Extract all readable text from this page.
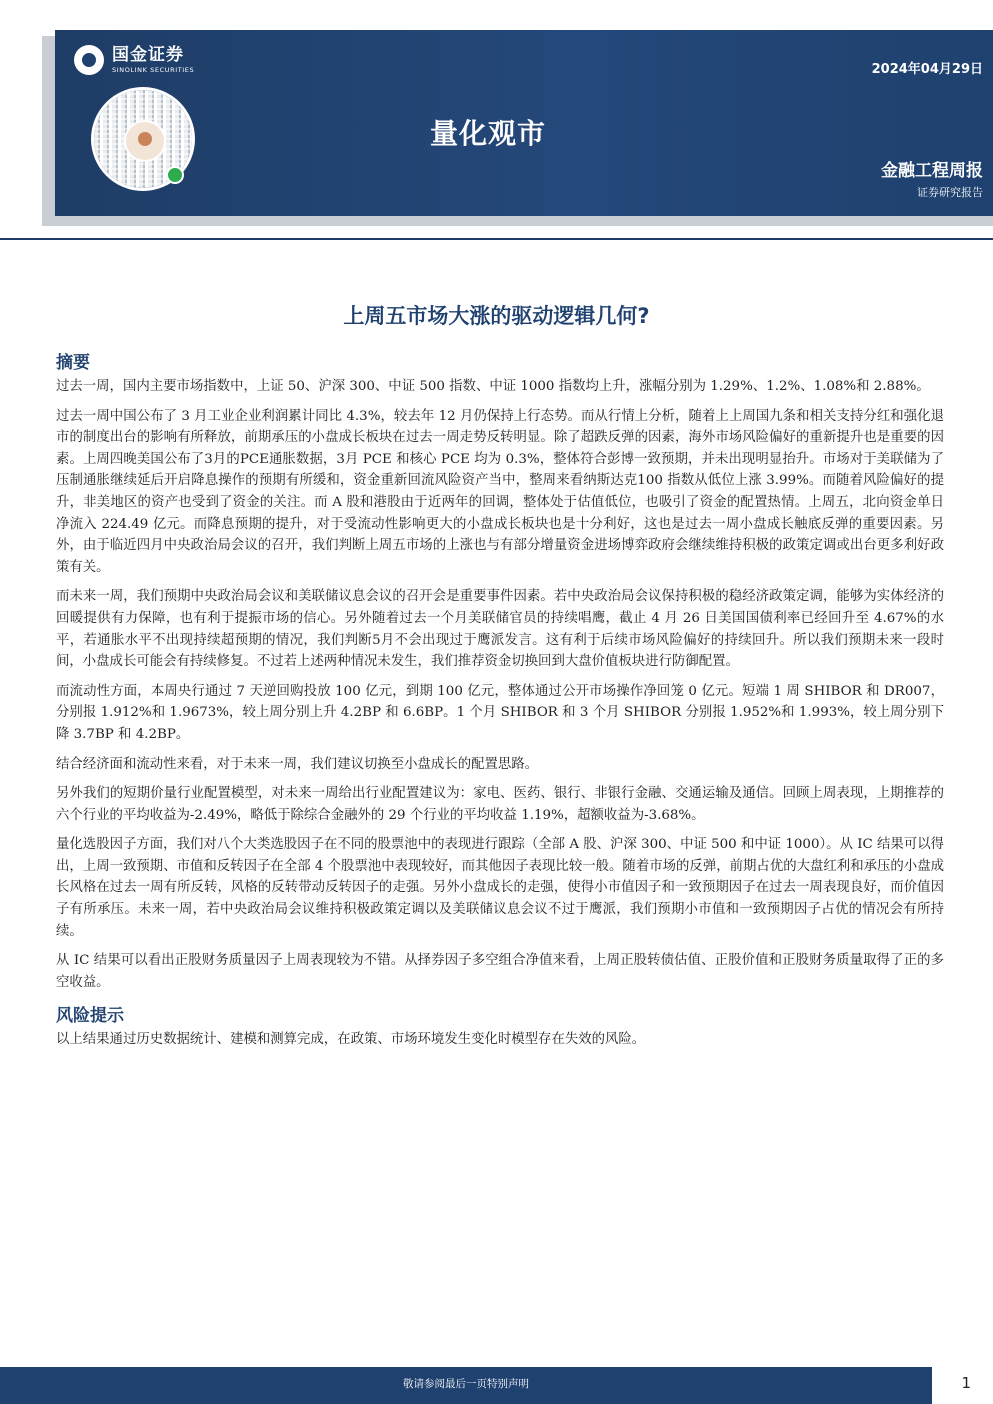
国金证券
SINOLINK SECURITIES	2024年04月29日
量化观市
金融工程周报
证券研究报告
上周五市场大涨的驱动逻辑几何?
摘要

过去一周，国内主要市场指数中，上证 50、沪深 300、中证 500 指数、中证 1000 指数均上升，涨幅分别为 1.29%、1.2%、1.08%和 2.88%。

过去一周中国公布了 3 月工业企业利润累计同比 4.3%，较去年 12 月仍保持上行态势。而从行情上分析，随着上上周国九条和相关支持分红和强化退市的制度出台的影响有所释放，前期承压的小盘成长板块在过去一周走势反转明显。除了超跌反弹的因素，海外市场风险偏好的重新提升也是重要的因素。上周四晚美国公布了3月的PCE通胀数据，3月 PCE 和核心 PCE 均为 0.3%，整体符合彭博一致预期，并未出现明显抬升。市场对于美联储为了压制通胀继续延后开启降息操作的预期有所缓和，资金重新回流风险资产当中，整周来看纳斯达克100 指数从低位上涨 3.99%。而随着风险偏好的提升，非美地区的资产也受到了资金的关注。而 A 股和港股由于近两年的回调，整体处于估值低位，也吸引了资金的配置热情。上周五，北向资金单日净流入 224.49 亿元。而降息预期的提升，对于受流动性影响更大的小盘成长板块也是十分利好，这也是过去一周小盘成长触底反弹的重要因素。另外，由于临近四月中央政治局会议的召开，我们判断上周五市场的上涨也与有部分增量资金进场博弈政府会继续维持积极的政策定调或出台更多利好政策有关。

而未来一周，我们预期中央政治局会议和美联储议息会议的召开会是重要事件因素。若中央政治局会议保持积极的稳经济政策定调，能够为实体经济的回暖提供有力保障，也有利于提振市场的信心。另外随着过去一个月美联储官员的持续唱鹰，截止 4 月 26 日美国国债利率已经回升至 4.67%的水平，若通胀水平不出现持续超预期的情况，我们判断5月不会出现过于鹰派发言。这有利于后续市场风险偏好的持续回升。所以我们预期未来一段时间，小盘成长可能会有持续修复。不过若上述两种情况未发生，我们推荐资金切换回到大盘价值板块进行防御配置。

而流动性方面，本周央行通过 7 天逆回购投放 100 亿元，到期 100 亿元，整体通过公开市场操作净回笼 0 亿元。短端 1 周 SHIBOR 和 DR007，分别报 1.912%和 1.9673%，较上周分别上升 4.2BP 和 6.6BP。1 个月 SHIBOR 和 3 个月 SHIBOR 分别报 1.952%和 1.993%，较上周分别下降 3.7BP 和 4.2BP。

结合经济面和流动性来看，对于未来一周，我们建议切换至小盘成长的配置思路。

另外我们的短期价量行业配置模型，对未来一周给出行业配置建议为：家电、医药、银行、非银行金融、交通运输及通信。回顾上周表现，上期推荐的六个行业的平均收益为-2.49%，略低于除综合金融外的 29 个行业的平均收益 1.19%，超额收益为-3.68%。

量化选股因子方面，我们对八个大类选股因子在不同的股票池中的表现进行跟踪（全部 A 股、沪深 300、中证 500 和中证 1000）。从 IC 结果可以得出，上周一致预期、市值和反转因子在全部 4 个股票池中表现较好，而其他因子表现比较一般。随着市场的反弹，前期占优的大盘红利和承压的小盘成长风格在过去一周有所反转，风格的反转带动反转因子的走强。另外小盘成长的走强，使得小市值因子和一致预期因子在过去一周表现良好，而价值因子有所承压。未来一周，若中央政治局会议维持积极政策定调以及美联储议息会议不过于鹰派，我们预期小市值和一致预期因子占优的情况会有所持续。

从 IC 结果可以看出正股财务质量因子上周表现较为不错。从择券因子多空组合净值来看，上周正股转债估值、正股价值和正股财务质量取得了正的多空收益。

风险提示

以上结果通过历史数据统计、建模和测算完成，在政策、市场环境发生变化时模型存在失效的风险。

敬请参阅最后一页特别声明	1
